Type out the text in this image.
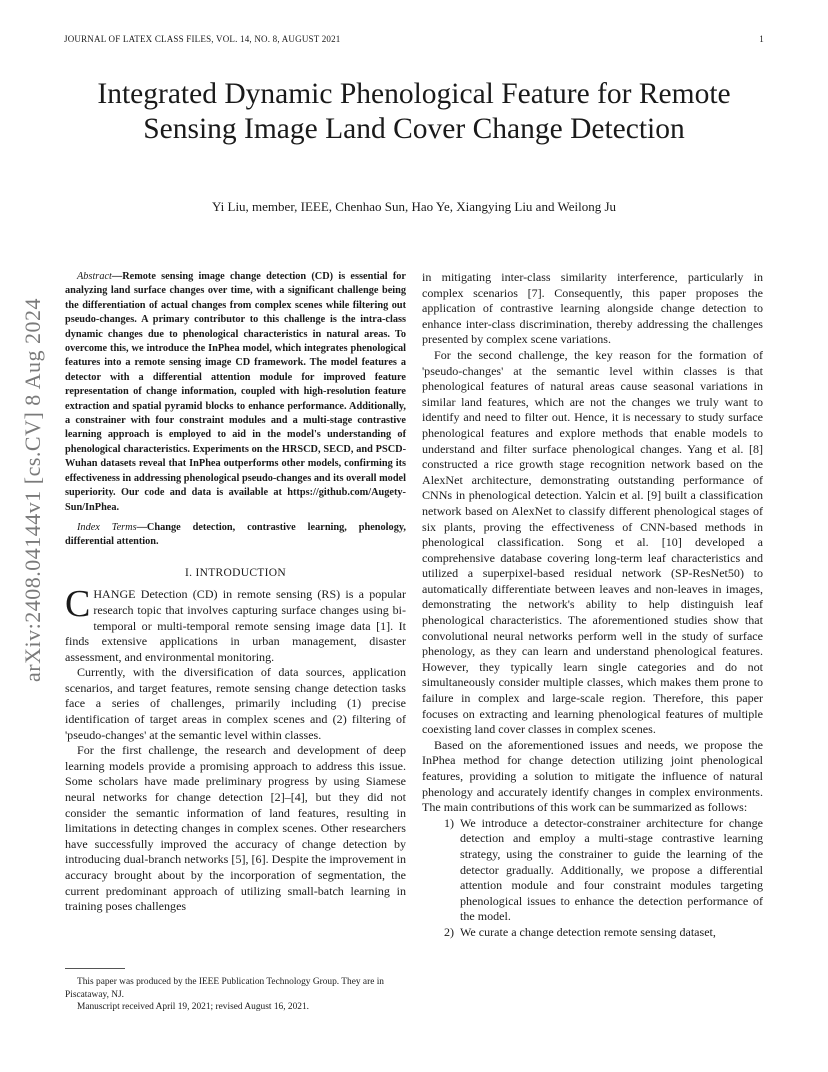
JOURNAL OF LATEX CLASS FILES, VOL. 14, NO. 8, AUGUST 2021	1
arXiv:2408.04144v1 [cs.CV] 8 Aug 2024
Integrated Dynamic Phenological Feature for Remote Sensing Image Land Cover Change Detection
Yi Liu, member, IEEE, Chenhao Sun, Hao Ye, Xiangying Liu and Weilong Ju

Abstract—Remote sensing image change detection (CD) is essential for analyzing land surface changes over time, with a significant challenge being the differentiation of actual changes from complex scenes while filtering out pseudo-changes. A primary contributor to this challenge is the intra-class dynamic changes due to phenological characteristics in natural areas. To overcome this, we introduce the InPhea model, which integrates phenological features into a remote sensing image CD framework. The model features a detector with a differential attention module for improved feature representation of change information, coupled with high-resolution feature extraction and spatial pyramid blocks to enhance performance. Additionally, a constrainer with four constraint modules and a multi-stage contrastive learning approach is employed to aid in the model's understanding of phenological characteristics. Experiments on the HRSCD, SECD, and PSCD-Wuhan datasets reveal that InPhea outperforms other models, confirming its effectiveness in addressing phenological pseudo-changes and its overall model superiority. Our code and data is available at https://github.com/Augety-Sun/InPhea.

Index Terms—Change detection, contrastive learning, phenology, differential attention.

I. INTRODUCTION

CHANGE Detection (CD) in remote sensing (RS) is a popular research topic that involves capturing surface changes using bi-temporal or multi-temporal remote sensing image data [1]. It finds extensive applications in urban management, disaster assessment, and environmental monitoring.

Currently, with the diversification of data sources, application scenarios, and target features, remote sensing change detection tasks face a series of challenges, primarily including (1) precise identification of target areas in complex scenes and (2) filtering of 'pseudo-changes' at the semantic level within classes.

For the first challenge, the research and development of deep learning models provide a promising approach to address this issue. Some scholars have made preliminary progress by using Siamese neural networks for change detection [2]–[4], but they did not consider the semantic information of land features, resulting in limitations in detecting changes in complex scenes. Other researchers have successfully improved the accuracy of change detection by introducing dual-branch networks [5], [6]. Despite the improvement in accuracy brought about by the incorporation of segmentation, the current predominant approach of utilizing small-batch learning in training poses challenges

in mitigating inter-class similarity interference, particularly in complex scenarios [7]. Consequently, this paper proposes the application of contrastive learning alongside change detection to enhance inter-class discrimination, thereby addressing the challenges presented by complex scene variations.

For the second challenge, the key reason for the formation of 'pseudo-changes' at the semantic level within classes is that phenological features of natural areas cause seasonal variations in similar land features, which are not the changes we truly want to identify and need to filter out. Hence, it is necessary to study surface phenological features and explore methods that enable models to understand and filter surface phenological changes. Yang et al. [8] constructed a rice growth stage recognition network based on the AlexNet architecture, demonstrating outstanding performance of CNNs in phenological detection. Yalcin et al. [9] built a classification network based on AlexNet to classify different phenological stages of six plants, proving the effectiveness of CNN-based methods in phenological classification. Song et al. [10] developed a comprehensive database covering long-term leaf characteristics and utilized a superpixel-based residual network (SP-ResNet50) to automatically differentiate between leaves and non-leaves in images, demonstrating the network's ability to help distinguish leaf phenological characteristics. The aforementioned studies show that convolutional neural networks perform well in the study of surface phenology, as they can learn and understand phenological features. However, they typically learn single categories and do not simultaneously consider multiple classes, which makes them prone to failure in complex and large-scale region. Therefore, this paper focuses on extracting and learning phenological features of multiple coexisting land cover classes in complex scenes.

Based on the aforementioned issues and needs, we propose the InPhea method for change detection utilizing joint phenological features, providing a solution to mitigate the influence of natural phenology and accurately identify changes in complex environments. The main contributions of this work can be summarized as follows:

1) We introduce a detector-constrainer architecture for change detection and employ a multi-stage contrastive learning strategy, using the constrainer to guide the learning of the detector gradually. Additionally, we propose a differential attention module and four constraint modules targeting phenological issues to enhance the detection performance of the model.
2) We curate a change detection remote sensing dataset,

This paper was produced by the IEEE Publication Technology Group. They are in Piscataway, NJ.

Manuscript received April 19, 2021; revised August 16, 2021.
